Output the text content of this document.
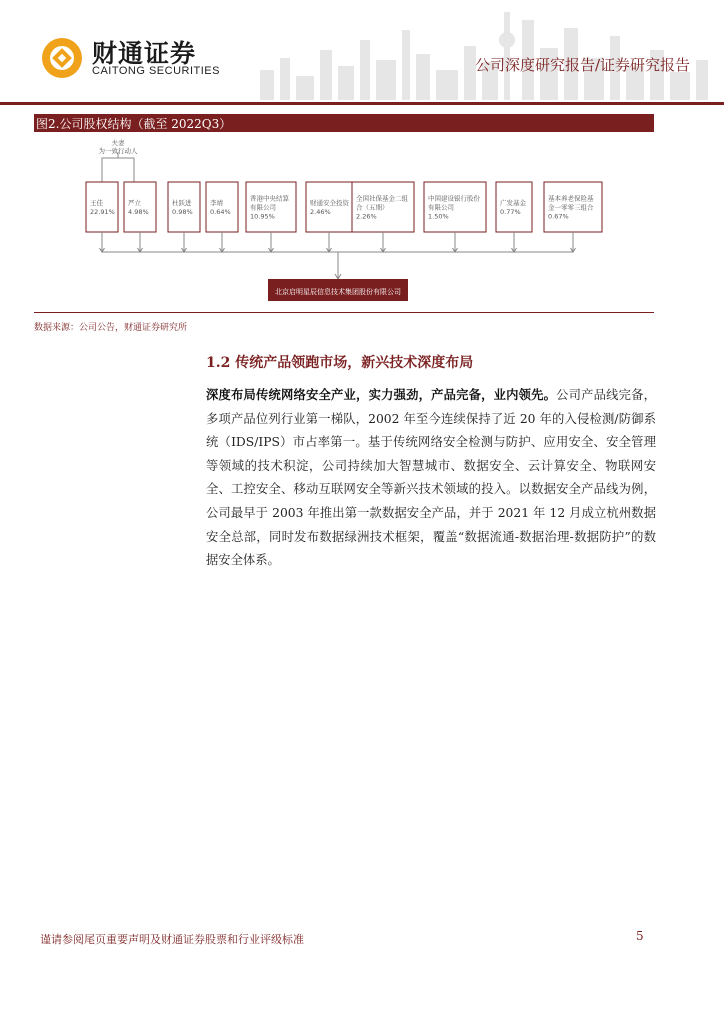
财通证券
CAITONG SECURITIES	公司深度研究报告/证券研究报告
图2.公司股权结构（截至 2022Q3）
夫妻
为一致行动人
王佳
22.91%
严立
4.98%
杜跃进
0.98%
李靖
0.64%
香港中央结算
有限公司
10.95%
财通安全投资
2.46%
全国社保基金二组
合（五期）
2.26%
中国建设银行股份
有限公司
1.50%
广发基金
0.77%
基本养老保险基
金一零零三组合
0.67%
北京启明星辰信息技术集团股份有限公司
数据来源：公司公告，财通证券研究所
1.2 传统产品领跑市场，新兴技术深度布局

深度布局传统网络安全产业，实力强劲，产品完备，业内领先。公司产品线完备，多项产品位列行业第一梯队，2002 年至今连续保持了近 20 年的入侵检测/防御系统（IDS/IPS）市占率第一。基于传统网络安全检测与防护、应用安全、安全管理等领域的技术积淀，公司持续加大智慧城市、数据安全、云计算安全、物联网安全、工控安全、移动互联网安全等新兴技术领域的投入。以数据安全产品线为例，公司最早于 2003 年推出第一款数据安全产品，并于 2021 年 12 月成立杭州数据安全总部，同时发布数据绿洲技术框架，覆盖“数据流通-数据治理-数据防护”的数据安全体系。

谨请参阅尾页重要声明及财通证券股票和行业评级标准	5
